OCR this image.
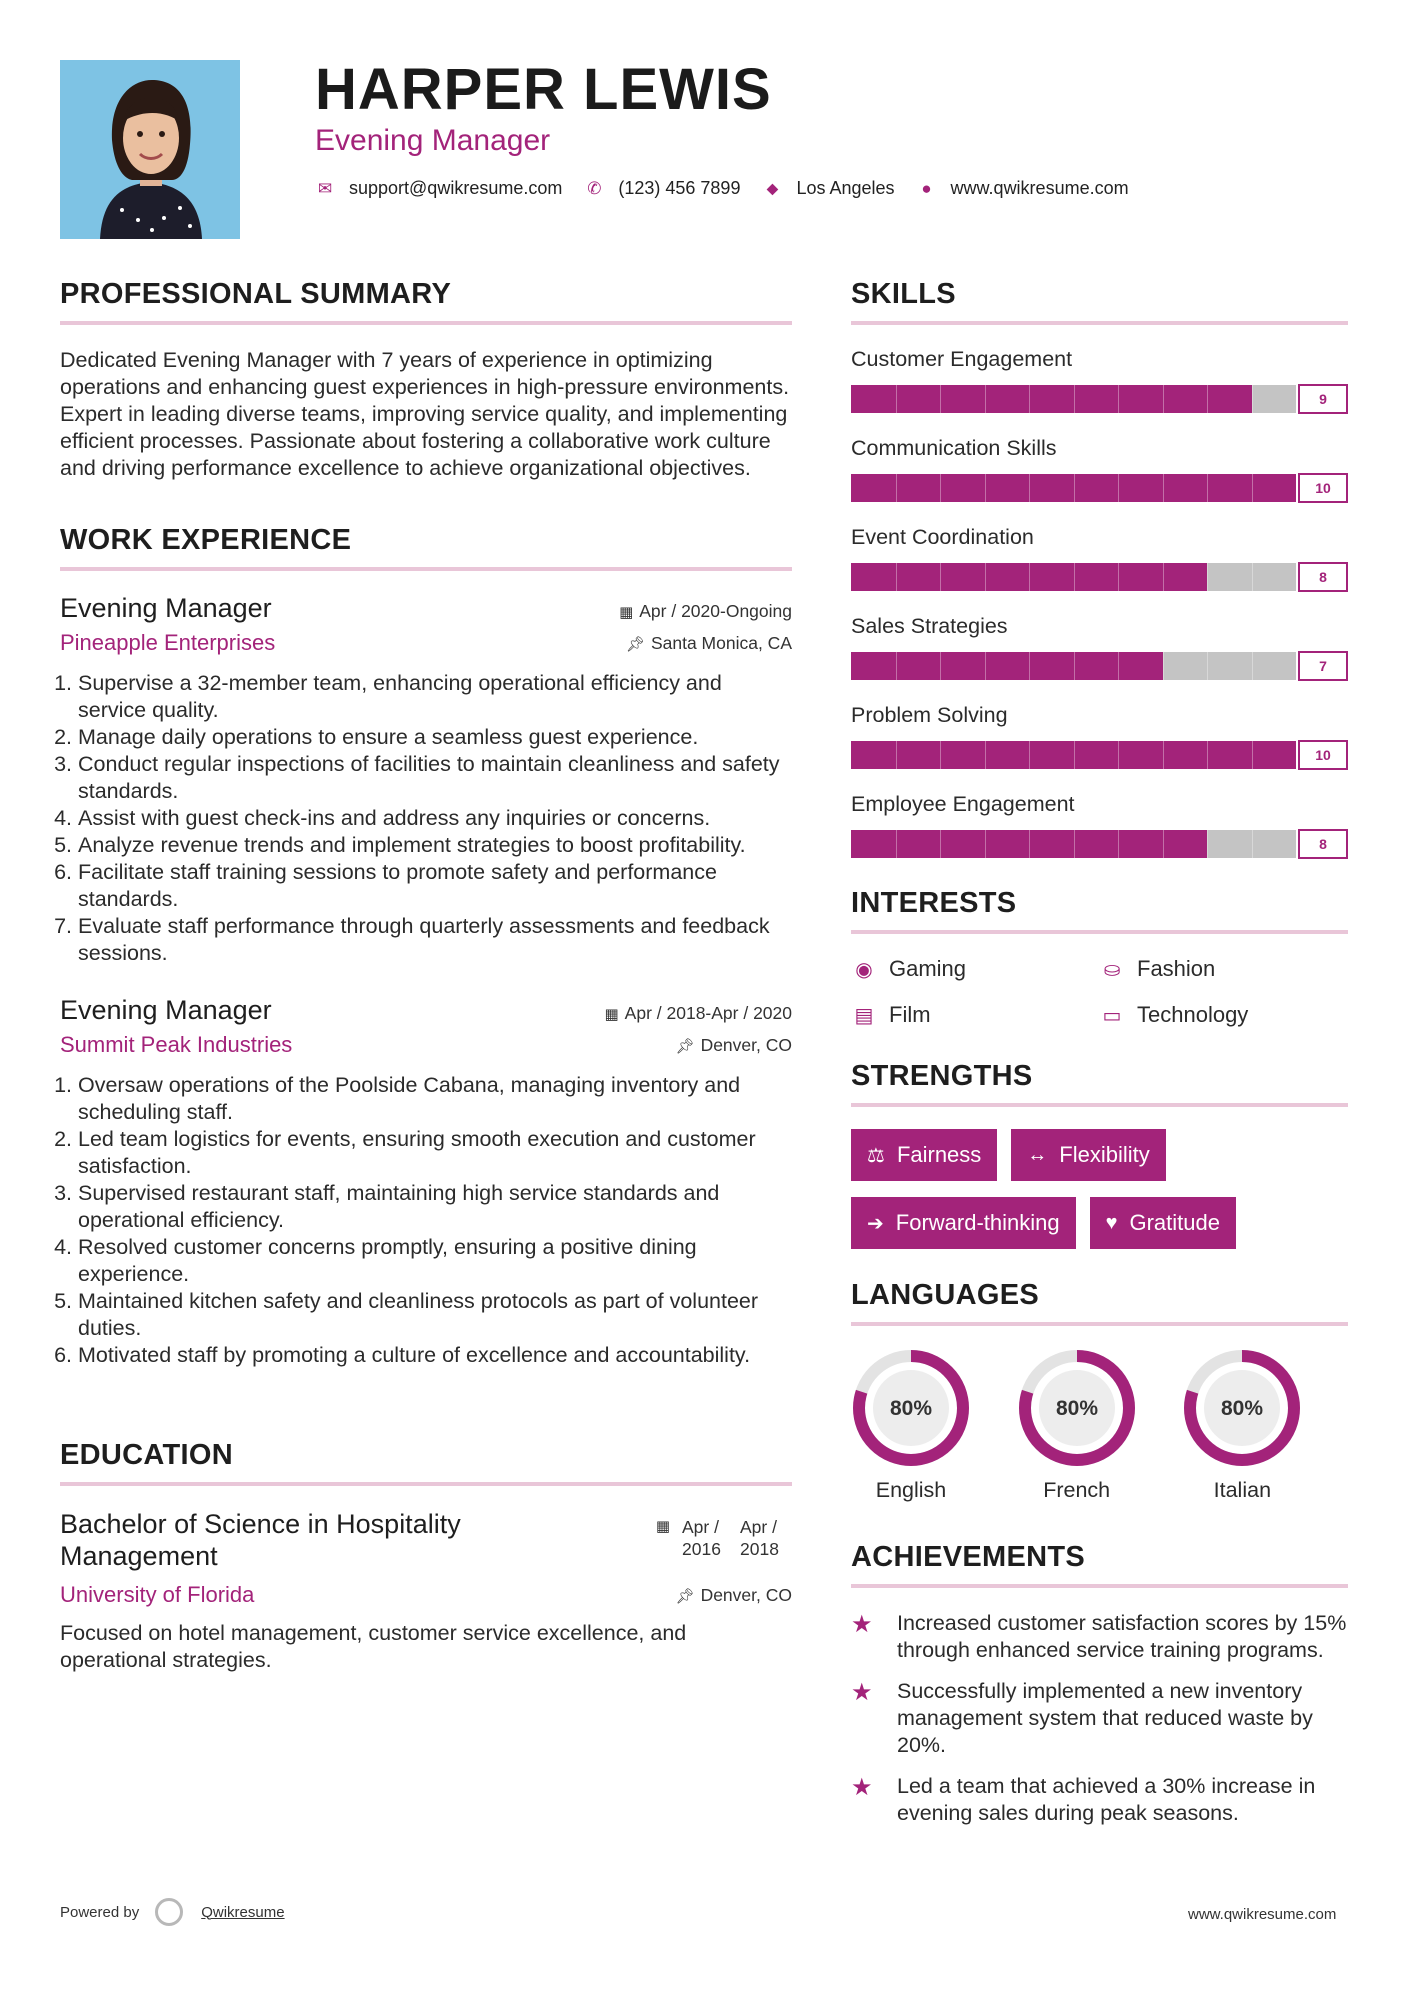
HARPER LEWIS
Evening Manager
✉ support@qwikresume.com ✆ (123) 456 7899 ⬥ Los Angeles ● www.qwikresume.com
PROFESSIONAL SUMMARY

Dedicated Evening Manager with 7 years of experience in optimizing operations and enhancing guest experiences in high-pressure environments. Expert in leading diverse teams, improving service quality, and implementing efficient processes. Passionate about fostering a collaborative work culture and driving performance excellence to achieve organizational objectives.

WORK EXPERIENCE
Evening Manager	▦ Apr / 2020-Ongoing
Pineapple Enterprises	📌︎ Santa Monica, CA
1. Supervise a 32-member team, enhancing operational efficiency and service quality.
2. Manage daily operations to ensure a seamless guest experience.
3. Conduct regular inspections of facilities to maintain cleanliness and safety standards.
4. Assist with guest check-ins and address any inquiries or concerns.
5. Analyze revenue trends and implement strategies to boost profitability.
6. Facilitate staff training sessions to promote safety and performance standards.
7. Evaluate staff performance through quarterly assessments and feedback sessions.
Evening Manager	▦ Apr / 2018-Apr / 2020
Summit Peak Industries	📌︎ Denver, CO
1. Oversaw operations of the Poolside Cabana, managing inventory and scheduling staff.
2. Led team logistics for events, ensuring smooth execution and customer satisfaction.
3. Supervised restaurant staff, maintaining high service standards and operational efficiency.
4. Resolved customer concerns promptly, ensuring a positive dining experience.
5. Maintained kitchen safety and cleanliness protocols as part of volunteer duties.
6. Motivated staff by promoting a culture of excellence and accountability.
EDUCATION
Bachelor of Science in Hospitality Management
▦ Apr / 2016
Apr / 2018
University of Florida	📌︎ Denver, CO

Focused on hotel management, customer service excellence, and operational strategies.

SKILLS
Customer Engagement
9
Communication Skills
10
Event Coordination
8
Sales Strategies
7
Problem Solving
10
Employee Engagement
8
INTERESTS
◉ Gaming	⛀ Fashion
▤ Film	▭ Technology
STRENGTHS
⚖ Fairness ↔ Flexibility
➔ Forward-thinking ♥ Gratitude
LANGUAGES
80%
English
80%
French
80%
Italian
ACHIEVEMENTS
★	Increased customer satisfaction scores by 15% through enhanced service training programs.
★	Successfully implemented a new inventory management system that reduced waste by 20%.
★	Led a team that achieved a 30% increase in evening sales during peak seasons.
Powered by	Qwikresume	www.qwikresume.com
